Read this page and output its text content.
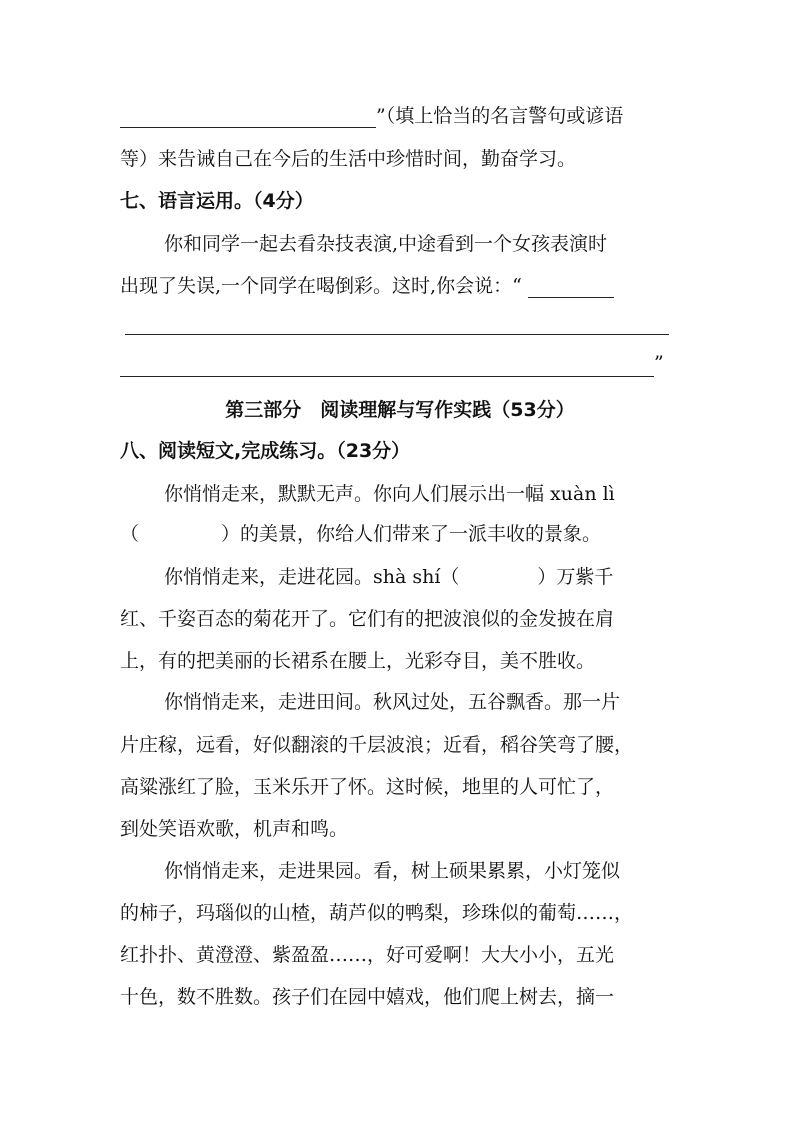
”（填上恰当的名言警句或谚语
等）来告诫自己在今后的生活中珍惜时间，勤奋学习。
七、语言运用。（4分）
你和同学一起去看杂技表演,中途看到一个女孩表演时
出现了失误,一个同学在喝倒彩。这时,你会说：“
”
第三部分　阅读理解与写作实践（53分）
八、阅读短文,完成练习。（23分）
你悄悄走来，默默无声。你向人们展示出一幅 xuàn lì
（	）的美景，你给人们带来了一派丰收的景象。
你悄悄走来，走进花园。shà shí（	）万紫千
红、千姿百态的菊花开了。它们有的把波浪似的金发披在肩
上，有的把美丽的长裙系在腰上，光彩夺目，美不胜收。
你悄悄走来，走进田间。秋风过处，五谷飘香。那一片
片庄稼，远看，好似翻滚的千层波浪；近看，稻谷笑弯了腰，
高粱涨红了脸，玉米乐开了怀。这时候，地里的人可忙了，
到处笑语欢歌，机声和鸣。
你悄悄走来，走进果园。看，树上硕果累累，小灯笼似
的柿子，玛瑙似的山楂，葫芦似的鸭梨，珍珠似的葡萄……，
红扑扑、黄澄澄、紫盈盈……，好可爱啊！大大小小，五光
十色，数不胜数。孩子们在园中嬉戏，他们爬上树去，摘一
